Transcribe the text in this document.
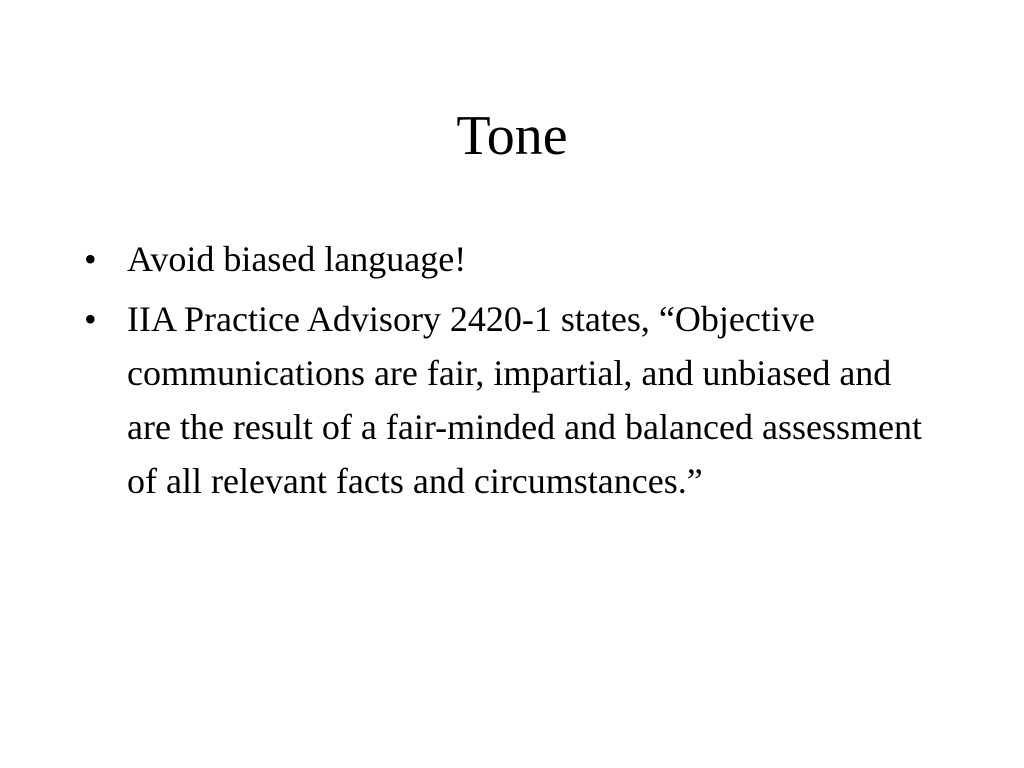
Tone
• Avoid biased language!
• IIA Practice Advisory 2420-1 states, “Objective communications are fair, impartial, and unbiased and are the result of a fair-minded and balanced assessment of all relevant facts and circumstances.”
